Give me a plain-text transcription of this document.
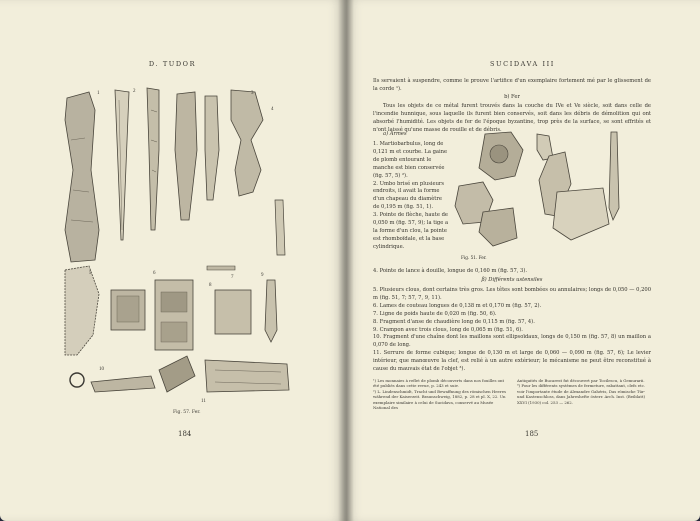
D. TUDOR
1	2	3
4
5	6
7
8
9
10
11
Fig. 57. Fer.
184
SUCIDAVA III
Ils servaient à suspendre, comme le prouve l'artifice d'un exemplaire fortement mé par le glissement de la corde ¹).
b) Fer
Tous les objets de ce métal furent trouvés dans la couche du IVe et Ve siècle, soit dans celle de l'incendie hunnique, sous laquelle ils furent bien conservés, soit dans les débris de démolition qui ont absorbé l'humidité. Les objets de fer de l'époque byzantine, trop près de la surface, se sont effrités et n'ont laissé qu'une masse de rouille et de débris.
a) Armes

1. Martiobarbulus, long de 0,121 m et courbe. La gaine de plomb entourant le manche est bien conservée (fig. 57, 5) ²).

2. Umbo brisé en plusieurs endroits, il avait la forme d'un chapeau du diamètre de 0,195 m (fig. 51, 1).

3. Pointe de flèche, haute de 0,050 m (fig. 57, 9); la tige a la forme d'un clou, la pointe est rhomboïdale, et la base cylindrique.

Fig. 51. Fer.
4. Pointe de lance à douille, longue de 0,160 m (fig. 57, 3).
β) Différents ustensiles

5. Plusieurs clous, dont certains très gros. Les têtes sont bombées ou annulaires; longs de 0,050 — 0,200 m (fig. 51, 7; 57, 7, 9, 11).

6. Lames de couteau longues de 0,138 m et 0,170 m (fig. 57, 2).

7. Ligne de poids haute de 0,020 m (fig. 50, 6).

8. Fragment d'anse de chaudière long de 0,115 m (fig. 57, 4).

9. Crampon avec trois clous, long de 0,065 m (fig. 51, 6).

10. Fragment d'une chaîne dont les maillons sont ellipsoïdaux, longs de 0,150 m (fig. 57, 8) un maillon a 0,070 de long.

11. Serrure de forme cubique; longue de 0,130 m et large de 0,060 — 0,090 m (fig. 57, 6); Le levier intérieur, que manœuvre la clef, est relié à un autre extérieur; le mécanisme ne peut être reconstitué à cause du mauvais état de l'objet ³).

¹) Les monnaies à reflet de plomb découverts dans nos fouilles ont été publiés dans cette revue, p. 243 et suiv.

²) L. Lindenschmidt, Tracht und Bewaffnung des römischen Heeres während der Kaiserzeit. Braunschweig, 1882, p. 28 et pl. X, 22. Un exemplaire similaire à celui de Sucidava, conservé au Musée National des

Antiquités de Bucarest fut découvert par Tocilescu, à Gemurarii.

³) Pour les différents systèmes de fermeture, rabattant, clefs etc. voir l'importante étude de Alexandre Gahéris, Das römische Tür- und Kastenschloss, dans Jahreshefte österr. Arch. Inst. (Beiblatt) XXVI (1930) col. 253 — 262.

185
